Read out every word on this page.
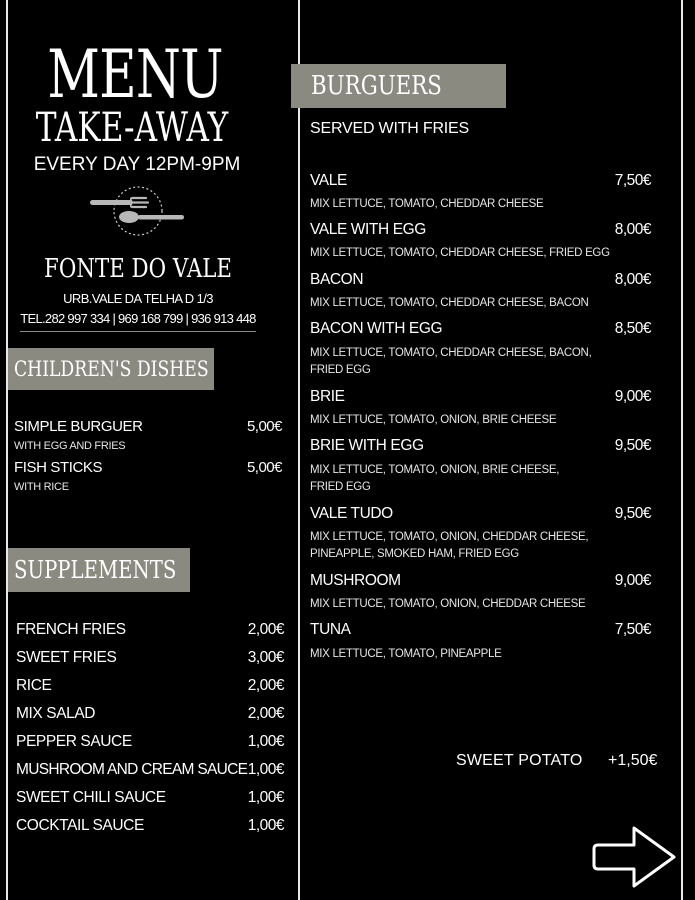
MENU
TAKE-AWAY
EVERY DAY 12PM-9PM
FONTE DO VALE
URB.VALE DA TELHA D 1/3
TEL.282 997 334 | 969 168 799 | 936 913 448
CHILDREN'S DISHES
SIMPLE BURGUER	5,00€
WITH EGG AND FRIES
FISH STICKS	5,00€
WITH RICE
SUPPLEMENTS
FRENCH FRIES	2,00€
SWEET FRIES	3,00€
RICE	2,00€
MIX SALAD	2,00€
PEPPER SAUCE	1,00€
MUSHROOM AND CREAM SAUCE 1,00€
SWEET CHILI SAUCE	1,00€
COCKTAIL SAUCE	1,00€
BURGUERS
SERVED WITH FRIES
VALE	7,50€
MIX LETTUCE, TOMATO, CHEDDAR CHEESE
VALE WITH EGG	8,00€
MIX LETTUCE, TOMATO, CHEDDAR CHEESE, FRIED EGG
BACON	8,00€
MIX LETTUCE, TOMATO, CHEDDAR CHEESE, BACON
BACON WITH EGG	8,50€
MIX LETTUCE, TOMATO, CHEDDAR CHEESE, BACON,
FRIED EGG
BRIE	9,00€
MIX LETTUCE, TOMATO, ONION, BRIE CHEESE
BRIE WITH EGG	9,50€
MIX LETTUCE, TOMATO, ONION, BRIE CHEESE,
FRIED EGG
VALE TUDO	9,50€
MIX LETTUCE, TOMATO, ONION, CHEDDAR CHEESE,
PINEAPPLE, SMOKED HAM, FRIED EGG
MUSHROOM	9,00€
MIX LETTUCE, TOMATO, ONION, CHEDDAR CHEESE
TUNA	7,50€
MIX LETTUCE, TOMATO, PINEAPPLE
SWEET POTATO +1,50€
